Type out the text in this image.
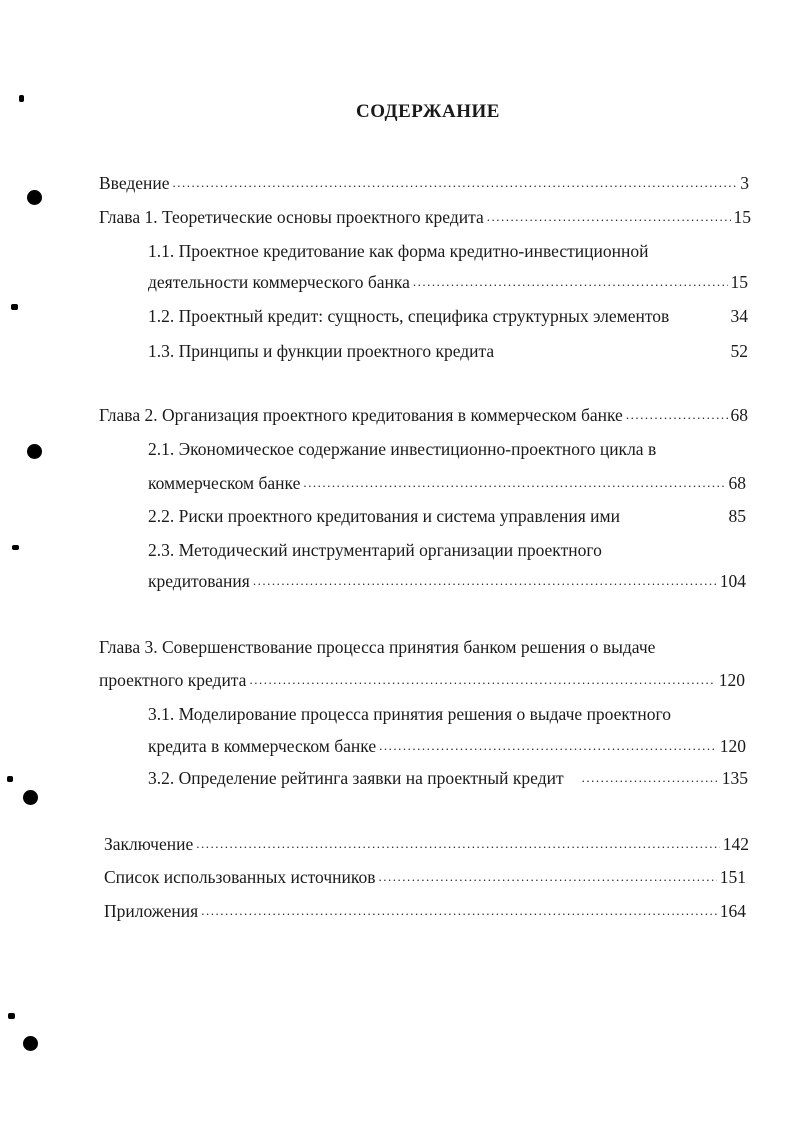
СОДЕРЖАНИЕ
Введение .....	3
Глава 1. Теоретические основы проектного кредита .....	15
1.1. Проектное кредитование как форма кредитно-инвестиционной
деятельности коммерческого банка .....	15
1.2. Проектный кредит: сущность, специфика структурных элементов	34
1.3. Принципы и функции проектного кредита	52
Глава 2. Организация проектного кредитования в коммерческом банке .....	68
2.1. Экономическое содержание инвестиционно-проектного цикла в
коммерческом банке .....	68
2.2. Риски проектного кредитования и система управления ими	85
2.3. Методический инструментарий организации проектного
кредитования .....	104
Глава 3. Совершенствование процесса принятия банком решения о выдаче
проектного кредита .....	120
3.1. Моделирование процесса принятия решения о выдаче проектного
кредита в коммерческом банке .....	120
3.2. Определение рейтинга заявки на проектный кредит .....	135
Заключение .....	142
Список использованных источников .....	151
Приложения .....	164
